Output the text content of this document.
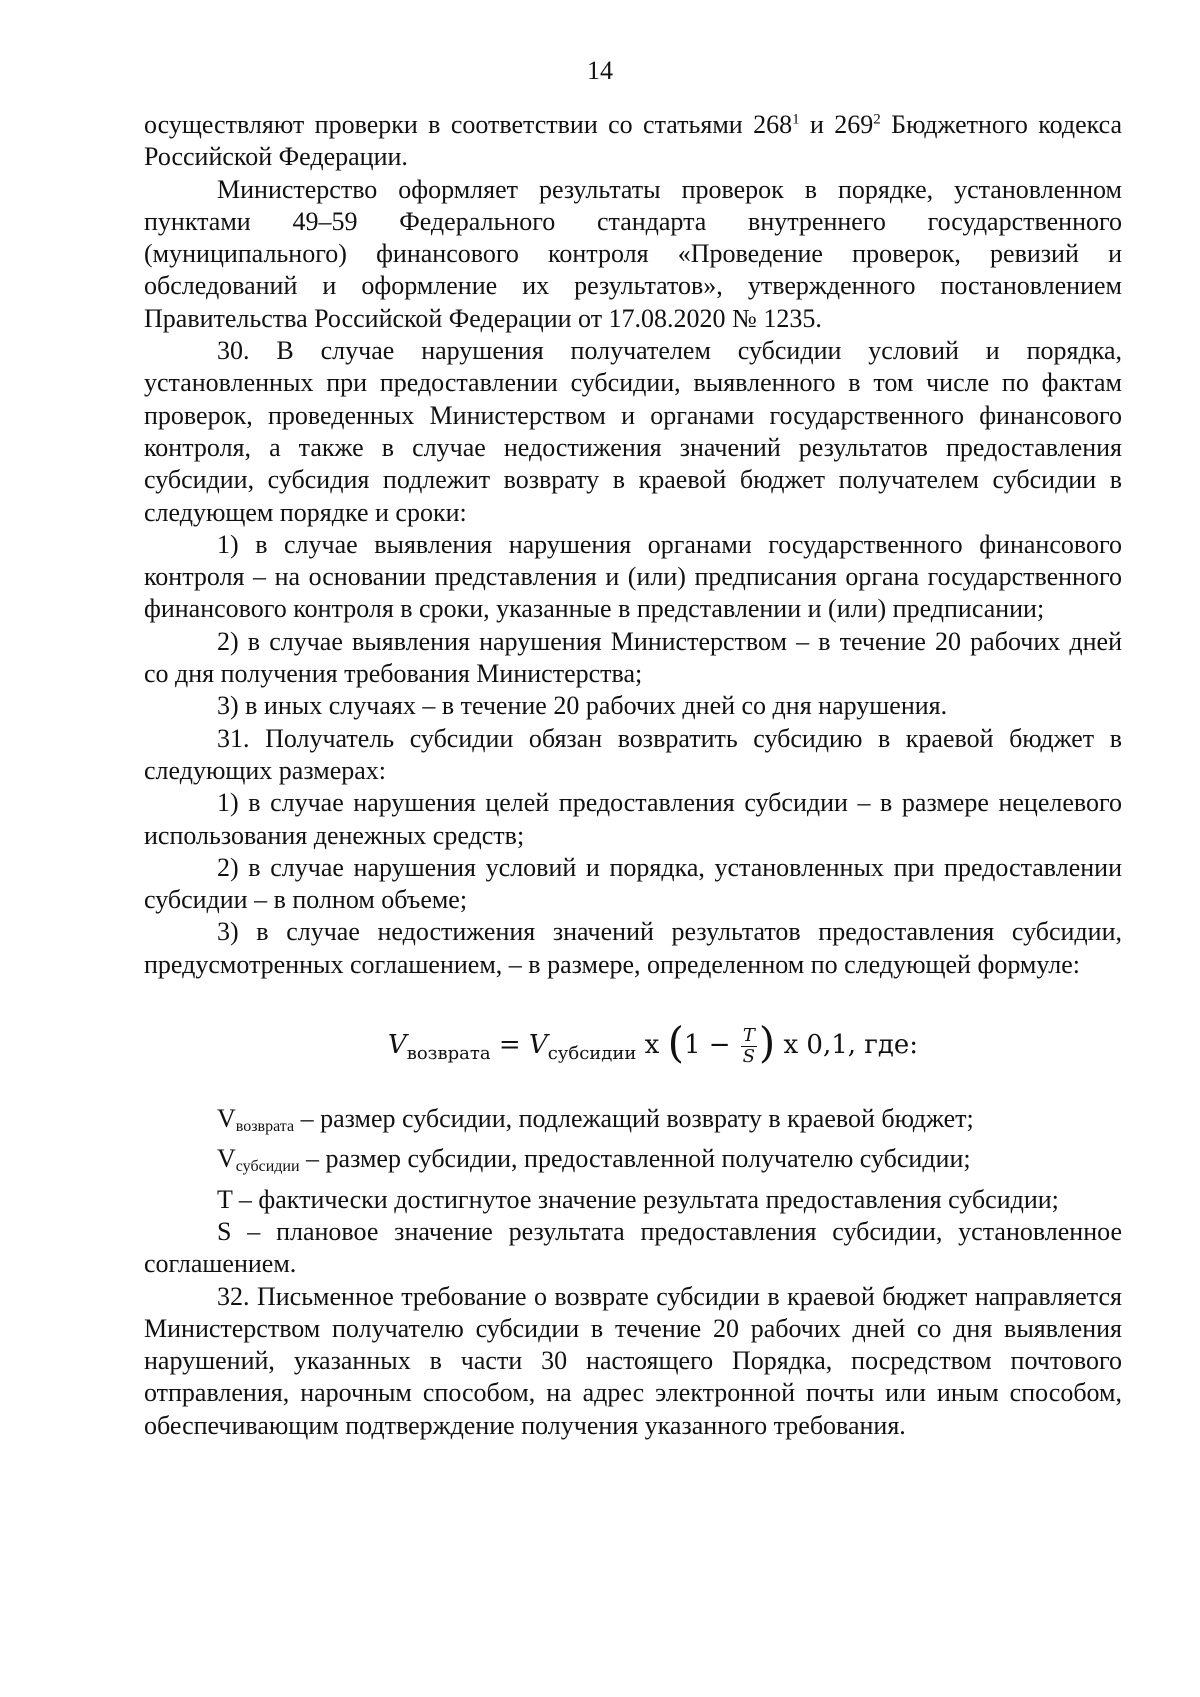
14

осуществляют проверки в соответствии со статьями $268^1$ и $269^2$ Бюджетного кодекса Российской Федерации.

Министерство оформляет результаты проверок в порядке, установленном пунктами 49–59 Федерального стандарта внутреннего государственного (муниципального) финансового контроля «Проведение проверок, ревизий и обследований и оформление их результатов», утвержденного постановлением Правительства Российской Федерации от 17.08.2020 № 1235.

30. В случае нарушения получателем субсидии условий и порядка, установленных при предоставлении субсидии, выявленного в том числе по фактам проверок, проведенных Министерством и органами государственного финансового контроля, а также в случае недостижения значений результатов предоставления субсидии, субсидия подлежит возврату в краевой бюджет получателем субсидии в следующем порядке и сроки:

1) в случае выявления нарушения органами государственного финансового контроля – на основании представления и (или) предписания органа государственного финансового контроля в сроки, указанные в представлении и (или) предписании;

2) в случае выявления нарушения Министерством – в течение 20 рабочих дней со дня получения требования Министерства;

3) в иных случаях – в течение 20 рабочих дней со дня нарушения.

31. Получатель субсидии обязан возвратить субсидию в краевой бюджет в следующих размерах:

1) в случае нарушения целей предоставления субсидии – в размере нецелевого использования денежных средств;

2) в случае нарушения условий и порядка, установленных при предоставлении субсидии – в полном объеме;

3) в случае недостижения значений результатов предоставления субсидии, предусмотренных соглашением, – в размере, определенном по следующей формуле:

$V_{возврата} = V_{субсидии}$ x ($1 - \frac{T}{S}$ ) x 0,1, где:

Vвозврата – размер субсидии, подлежащий возврату в краевой бюджет;

Vсубсидии – размер субсидии, предоставленной получателю субсидии;

T – фактически достигнутое значение результата предоставления субсидии;

S – плановое значение результата предоставления субсидии, установленное соглашением.

32. Письменное требование о возврате субсидии в краевой бюджет направляется Министерством получателю субсидии в течение 20 рабочих дней со дня выявления нарушений, указанных в части 30 настоящего Порядка, посредством почтового отправления, нарочным способом, на адрес электронной почты или иным способом, обеспечивающим подтверждение получения указанного требования.
